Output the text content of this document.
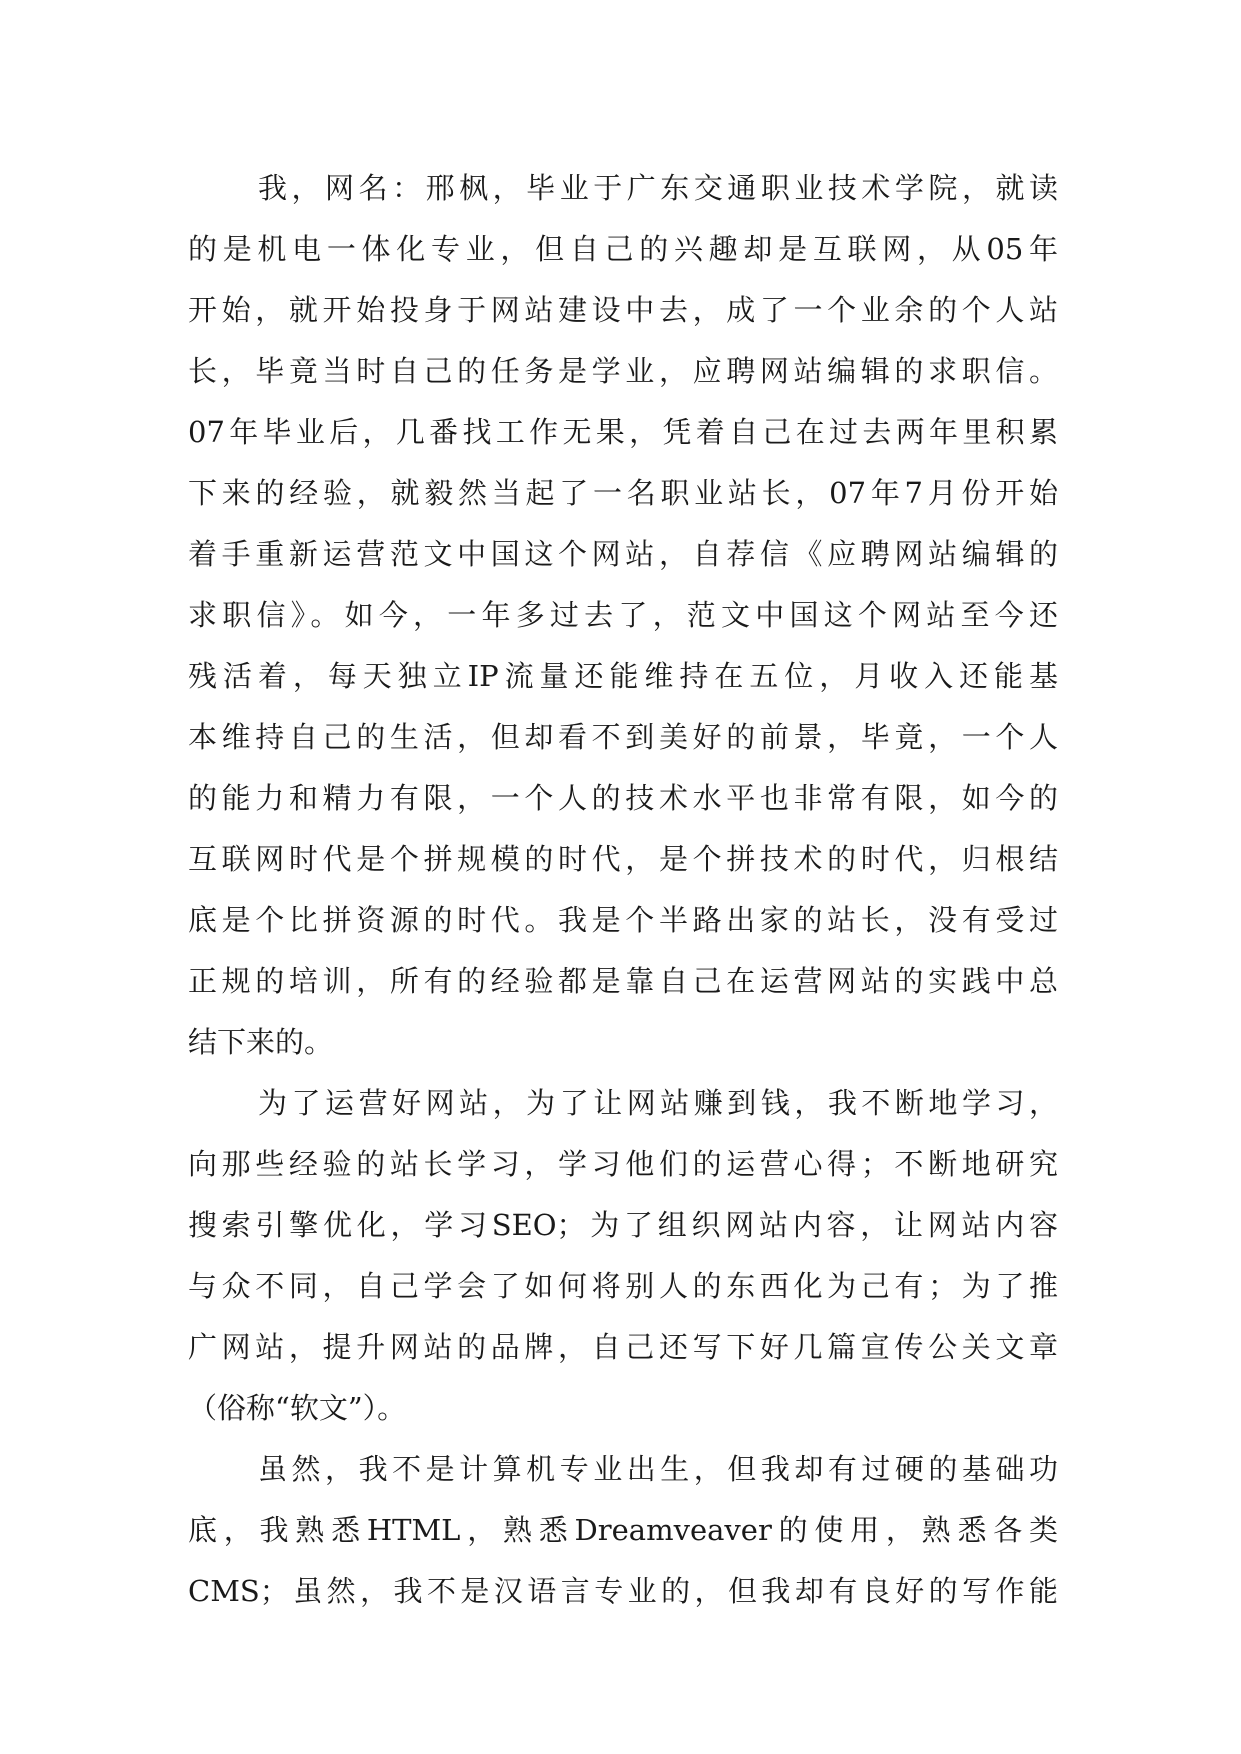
我，网名：邢枫，毕业于广东交通职业技术学院，就读
的是机电一体化专业，但自己的兴趣却是互联网，从05年
开始，就开始投身于网站建设中去，成了一个业余的个人站
长，毕竟当时自己的任务是学业，应聘网站编辑的求职信。
07年毕业后，几番找工作无果，凭着自己在过去两年里积累
下来的经验，就毅然当起了一名职业站长，07年7月份开始
着手重新运营范文中国这个网站，自荐信《应聘网站编辑的
求职信》。如今，一年多过去了，范文中国这个网站至今还
残活着，每天独立IP流量还能维持在五位，月收入还能基
本维持自己的生活，但却看不到美好的前景，毕竟，一个人
的能力和精力有限，一个人的技术水平也非常有限，如今的
互联网时代是个拼规模的时代，是个拼技术的时代，归根结
底是个比拼资源的时代。我是个半路出家的站长，没有受过
正规的培训，所有的经验都是靠自己在运营网站的实践中总
结下来的。
为了运营好网站，为了让网站赚到钱，我不断地学习，
向那些经验的站长学习，学习他们的运营心得；不断地研究
搜索引擎优化，学习SEO；为了组织网站内容，让网站内容
与众不同，自己学会了如何将别人的东西化为己有；为了推
广网站，提升网站的品牌，自己还写下好几篇宣传公关文章
（俗称“软文”）。
虽然，我不是计算机专业出生，但我却有过硬的基础功
底，我熟悉HTML，熟悉Dreamveaver的使用，熟悉各类
CMS；虽然，我不是汉语言专业的，但我却有良好的写作能
